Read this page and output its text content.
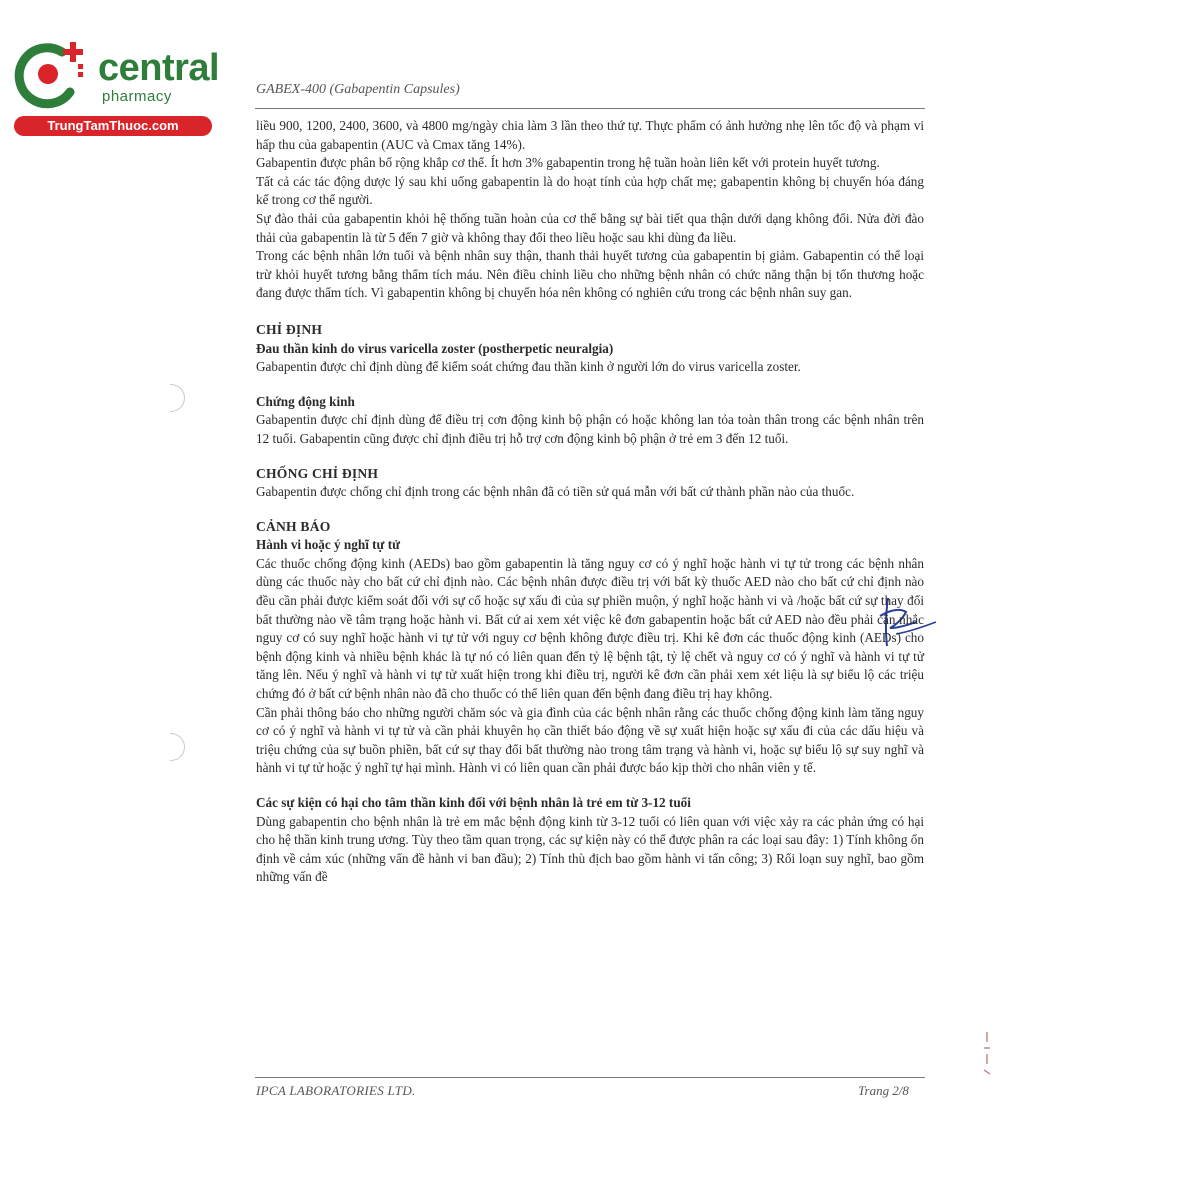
central
pharmacy
TrungTamThuoc.com
GABEX-400 (Gabapentin Capsules)

liều 900, 1200, 2400, 3600, và 4800 mg/ngày chia làm 3 lần theo thứ tự. Thực phẩm có ảnh hưởng nhẹ lên tốc độ và phạm vi hấp thu của gabapentin (AUC và Cmax tăng 14%).

Gabapentin được phân bố rộng khắp cơ thể. Ít hơn 3% gabapentin trong hệ tuần hoàn liên kết với protein huyết tương.

Tất cả các tác động dược lý sau khi uống gabapentin là do hoạt tính của hợp chất mẹ; gabapentin không bị chuyển hóa đáng kể trong cơ thể người.

Sự đào thải của gabapentin khỏi hệ thống tuần hoàn của cơ thể bằng sự bài tiết qua thận dưới dạng không đổi. Nửa đời đào thải của gabapentin là từ 5 đến 7 giờ và không thay đổi theo liều hoặc sau khi dùng đa liều.

Trong các bệnh nhân lớn tuổi và bệnh nhân suy thận, thanh thải huyết tương của gabapentin bị giảm. Gabapentin có thể loại trừ khỏi huyết tương bằng thẩm tích máu. Nên điều chỉnh liều cho những bệnh nhân có chức năng thận bị tổn thương hoặc đang được thẩm tích. Vì gabapentin không bị chuyển hóa nên không có nghiên cứu trong các bệnh nhân suy gan.

CHỈ ĐỊNH
Đau thần kinh do virus varicella zoster (postherpetic neuralgia)

Gabapentin được chỉ định dùng để kiểm soát chứng đau thần kinh ở người lớn do virus varicella zoster.

Chứng động kinh

Gabapentin được chỉ định dùng để điều trị cơn động kinh bộ phận có hoặc không lan tỏa toàn thân trong các bệnh nhân trên 12 tuổi. Gabapentin cũng được chỉ định điều trị hỗ trợ cơn động kinh bộ phận ở trẻ em 3 đến 12 tuổi.

CHỐNG CHỈ ĐỊNH

Gabapentin được chống chỉ định trong các bệnh nhân đã có tiền sử quá mẫn với bất cứ thành phần nào của thuốc.

CẢNH BÁO
Hành vi hoặc ý nghĩ tự tử

Các thuốc chống động kinh (AEDs) bao gồm gabapentin là tăng nguy cơ có ý nghĩ hoặc hành vi tự tử trong các bệnh nhân dùng các thuốc này cho bất cứ chỉ định nào. Các bệnh nhân được điều trị với bất kỳ thuốc AED nào cho bất cứ chỉ định nào đều cần phải được kiểm soát đối với sự cố hoặc sự xấu đi của sự phiền muộn, ý nghĩ hoặc hành vi và /hoặc bất cứ sự thay đổi bất thường nào về tâm trạng hoặc hành vi. Bất cứ ai xem xét việc kê đơn gabapentin hoặc bất cứ AED nào đều phải cân nhắc nguy cơ có suy nghĩ hoặc hành vi tự tử với nguy cơ bệnh không được điều trị. Khi kê đơn các thuốc động kinh (AEDs) cho bệnh động kinh và nhiều bệnh khác là tự nó có liên quan đến tỷ lệ bệnh tật, tỷ lệ chết và nguy cơ có ý nghĩ và hành vi tự tử tăng lên. Nếu ý nghĩ và hành vi tự tử xuất hiện trong khi điều trị, người kê đơn cần phải xem xét liệu là sự biểu lộ các triệu chứng đó ở bất cứ bệnh nhân nào đã cho thuốc có thể liên quan đến bệnh đang điều trị hay không.

Cần phải thông báo cho những người chăm sóc và gia đình của các bệnh nhân rằng các thuốc chống động kinh làm tăng nguy cơ có ý nghĩ và hành vi tự tử và cần phải khuyên họ cần thiết báo động về sự xuất hiện hoặc sự xấu đi của các dấu hiệu và triệu chứng của sự buồn phiền, bất cứ sự thay đổi bất thường nào trong tâm trạng và hành vi, hoặc sự biểu lộ sự suy nghĩ và hành vi tự tử hoặc ý nghĩ tự hại mình. Hành vi có liên quan cần phải được báo kịp thời cho nhân viên y tế.

Các sự kiện có hại cho tâm thần kinh đối với bệnh nhân là trẻ em từ 3-12 tuổi

Dùng gabapentin cho bệnh nhân là trẻ em mắc bệnh động kinh từ 3-12 tuổi có liên quan với việc xảy ra các phản ứng có hại cho hệ thần kinh trung ương. Tùy theo tầm quan trọng, các sự kiện này có thể được phân ra các loại sau đây: 1) Tính không ổn định về cảm xúc (những vấn đề hành vi ban đầu); 2) Tính thù địch bao gồm hành vi tấn công; 3) Rối loạn suy nghĩ, bao gồm những vấn đề

IPCA LABORATORIES LTD.	Trang 2/8
